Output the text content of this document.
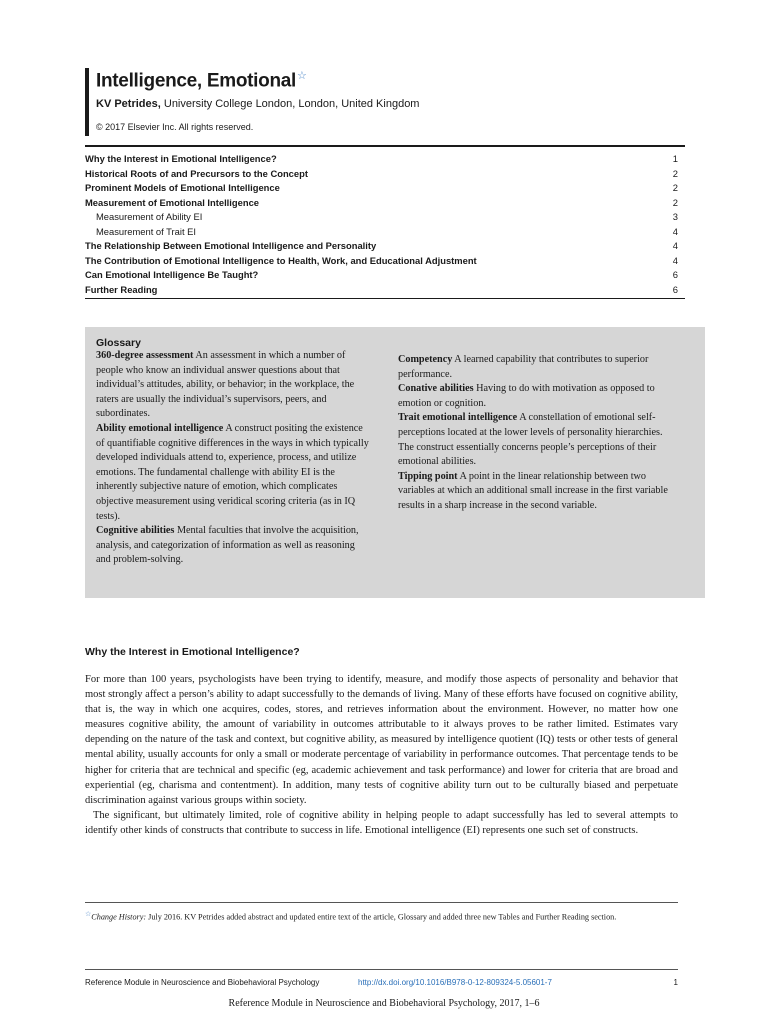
Intelligence, Emotional☆
KV Petrides, University College London, London, United Kingdom
© 2017 Elsevier Inc. All rights reserved.
Why the Interest in Emotional Intelligence?	1
Historical Roots of and Precursors to the Concept	2
Prominent Models of Emotional Intelligence	2
Measurement of Emotional Intelligence	2
Measurement of Ability EI	3
Measurement of Trait EI	4
The Relationship Between Emotional Intelligence and Personality	4
The Contribution of Emotional Intelligence to Health, Work, and Educational Adjustment	4
Can Emotional Intelligence Be Taught?	6
Further Reading	6
Glossary

360-degree assessment An assessment in which a number of people who know an individual answer questions about that individual’s attitudes, ability, or behavior; in the workplace, the raters are usually the individual’s supervisors, peers, and subordinates.

Ability emotional intelligence A construct positing the existence of quantifiable cognitive differences in the ways in which typically developed individuals attend to, experience, process, and utilize emotions. The fundamental challenge with ability EI is the inherently subjective nature of emotion, which complicates objective measurement using veridical scoring criteria (as in IQ tests).

Cognitive abilities Mental faculties that involve the acquisition, analysis, and categorization of information as well as reasoning and problem-solving.

Competency A learned capability that contributes to superior performance.

Conative abilities Having to do with motivation as opposed to emotion or cognition.

Trait emotional intelligence A constellation of emotional self-perceptions located at the lower levels of personality hierarchies. The construct essentially concerns people’s perceptions of their emotional abilities.

Tipping point A point in the linear relationship between two variables at which an additional small increase in the first variable results in a sharp increase in the second variable.

Why the Interest in Emotional Intelligence?

For more than 100 years, psychologists have been trying to identify, measure, and modify those aspects of personality and behavior that most strongly affect a person’s ability to adapt successfully to the demands of living. Many of these efforts have focused on cognitive ability, that is, the way in which one acquires, codes, stores, and retrieves information about the environment. However, no matter how one measures cognitive ability, the amount of variability in outcomes attributable to it always proves to be rather limited. Estimates vary depending on the nature of the task and context, but cognitive ability, as measured by intelligence quotient (IQ) tests or other tests of general mental ability, usually accounts for only a small or moderate percentage of variability in performance outcomes. That percentage tends to be higher for criteria that are technical and specific (eg, academic achievement and task performance) and lower for criteria that are broad and experiential (eg, charisma and contentment). In addition, many tests of cognitive ability turn out to be culturally biased and perpetuate discrimination against various groups within society.

The significant, but ultimately limited, role of cognitive ability in helping people to adapt successfully has led to several attempts to identify other kinds of constructs that contribute to success in life. Emotional intelligence (EI) represents one such set of constructs.

☆Change History: July 2016. KV Petrides added abstract and updated entire text of the article, Glossary and added three new Tables and Further Reading section.
Reference Module in Neuroscience and Biobehavioral Psychology	http://dx.doi.org/10.1016/B978-0-12-809324-5.05601-7	1
Reference Module in Neuroscience and Biobehavioral Psychology, 2017, 1–6
